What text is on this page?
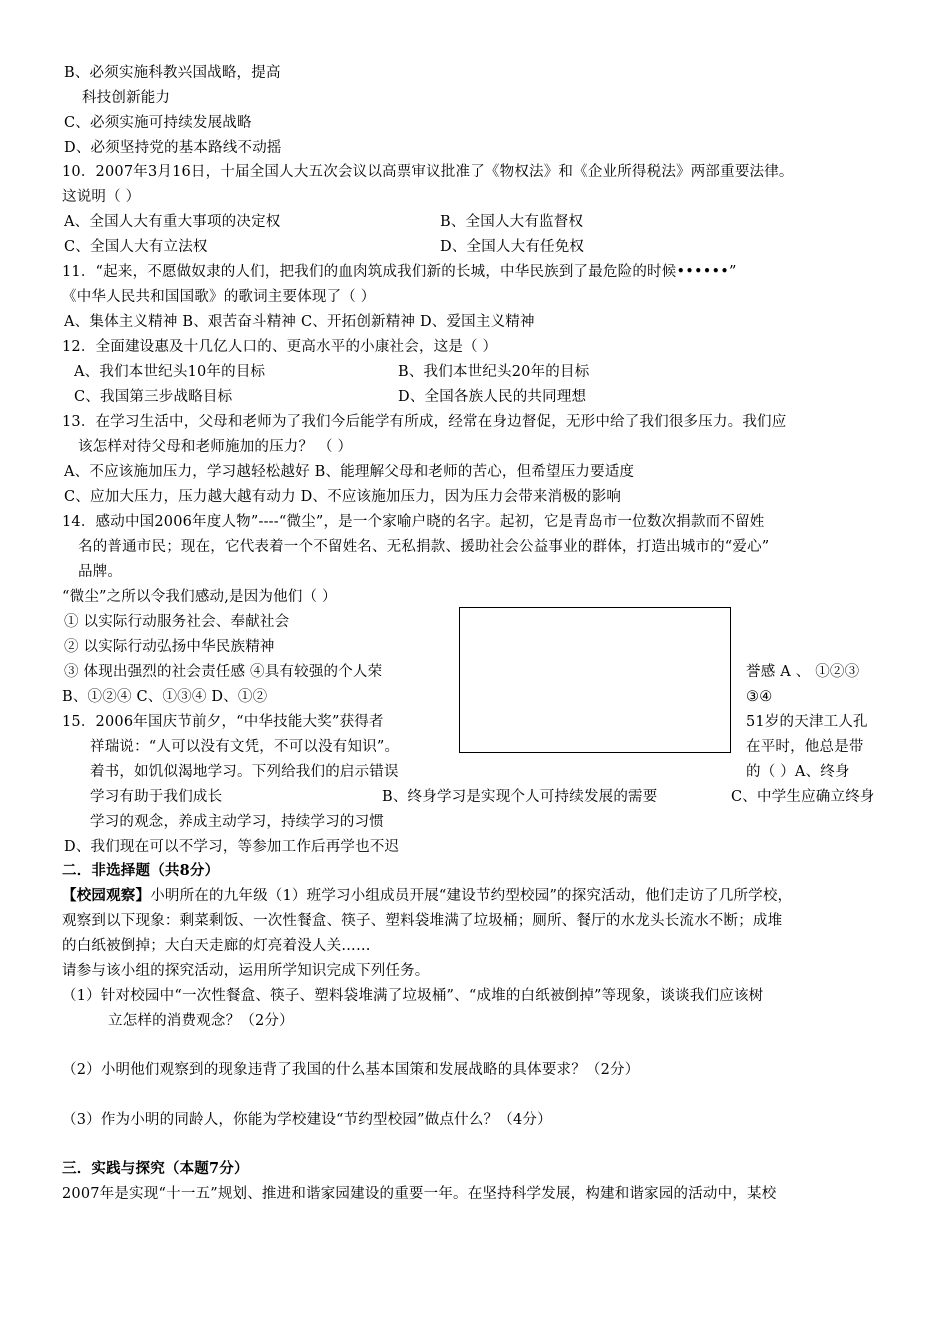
B、必须实施科教兴国战略，提高
科技创新能力
C、必须实施可持续发展战略
D、必须坚持党的基本路线不动摇
10．2007年3月16日，十届全国人大五次会议以高票审议批准了《物权法》和《企业所得税法》两部重要法律。
这说明（ ）
A、全国人大有重大事项的决定权	B、全国人大有监督权
C、全国人大有立法权	D、全国人大有任免权
11．“起来，不愿做奴隶的人们，把我们的血肉筑成我们新的长城，中华民族到了最危险的时候••••••”
《中华人民共和国国歌》的歌词主要体现了（ ）
A、集体主义精神 B、艰苦奋斗精神 C、开拓创新精神 D、爱国主义精神
12．全面建设惠及十几亿人口的、更高水平的小康社会，这是（ ）
A、我们本世纪头10年的目标	B、我们本世纪头20年的目标
C、我国第三步战略目标	D、全国各族人民的共同理想
13．在学习生活中，父母和老师为了我们今后能学有所成，经常在身边督促，无形中给了我们很多压力。我们应
该怎样对待父母和老师施加的压力？ （ ）
A、不应该施加压力，学习越轻松越好 B、能理解父母和老师的苦心，但希望压力要适度
C、应加大压力，压力越大越有动力 D、不应该施加压力，因为压力会带来消极的影响
14．感动中国2006年度人物”----“微尘”，是一个家喻户晓的名字。起初，它是青岛市一位数次捐款而不留姓
名的普通市民；现在，它代表着一个不留姓名、无私捐款、援助社会公益事业的群体，打造出城市的“爱心”
品牌。
“微尘”之所以令我们感动,是因为他们（ ）
① 以实际行动服务社会、奉献社会
② 以实际行动弘扬中华民族精神
③ 体现出强烈的社会责任感 ④具有较强的个人荣	誉感 A 、 ①②③
B、①②④ C、①③④ D、①②	③④
15．2006年国庆节前夕，“中华技能大奖”获得者	51岁的天津工人孔
祥瑞说：“人可以没有文凭，不可以没有知识”。	在平时，他总是带
着书，如饥似渴地学习。下列给我们的启示错误	的（ ）A、终身
学习有助于我们成长	B、终身学习是实现个人可持续发展的需要	C、中学生应确立终身
学习的观念，养成主动学习，持续学习的习惯
D、我们现在可以不学习，等参加工作后再学也不迟
二．非选择题（共8分）
【校园观察】小明所在的九年级（1）班学习小组成员开展“建设节约型校园”的探究活动，他们走访了几所学校，
观察到以下现象：剩菜剩饭、一次性餐盒、筷子、塑料袋堆满了垃圾桶；厕所、餐厅的水龙头长流水不断；成堆
的白纸被倒掉；大白天走廊的灯亮着没人关……
请参与该小组的探究活动，运用所学知识完成下列任务。
（1）针对校园中“一次性餐盒、筷子、塑料袋堆满了垃圾桶”、“成堆的白纸被倒掉”等现象，谈谈我们应该树
立怎样的消费观念？（2分）
（2）小明他们观察到的现象违背了我国的什么基本国策和发展战略的具体要求？（2分）
（3）作为小明的同龄人，你能为学校建设“节约型校园”做点什么？（4分）
三．实践与探究（本题7分）
2007年是实现“十一五”规划、推进和谐家园建设的重要一年。在坚持科学发展，构建和谐家园的活动中，某校
